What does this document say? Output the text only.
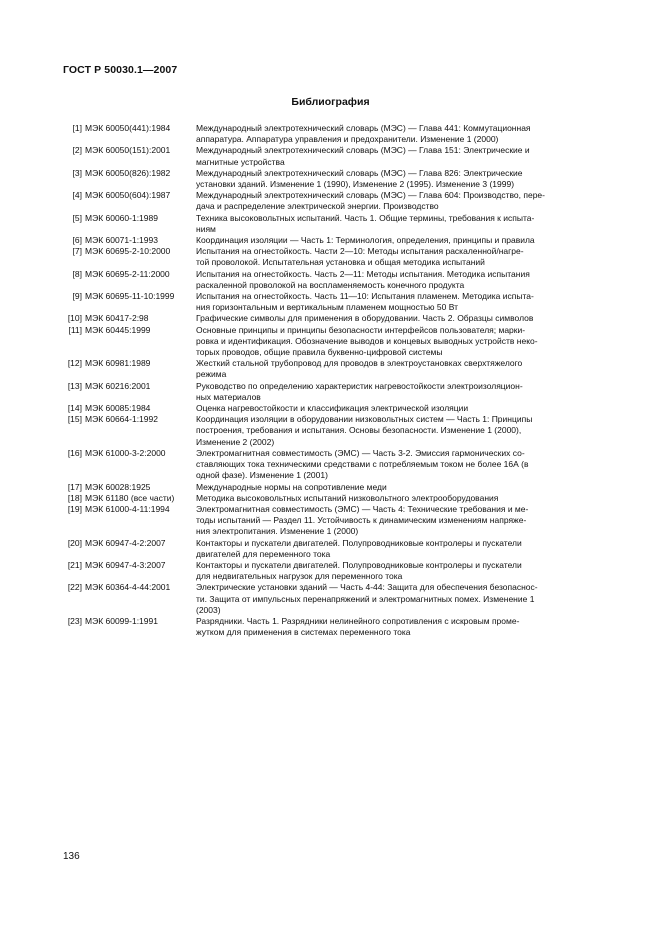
ГОСТ Р 50030.1—2007
Библиография
[1] МЭК 60050(441):1984	Международный электротехнический словарь (МЭС) — Глава 441: Коммутационная
аппаратура. Аппаратура управления и предохранители. Изменение 1 (2000)
[2] МЭК 60050(151):2001	Международный электротехнический словарь (МЭС) — Глава 151: Электрические и
магнитные устройства
[3] МЭК 60050(826):1982	Международный электротехнический словарь (МЭС) — Глава 826: Электрические
установки зданий. Изменение 1 (1990), Изменение 2 (1995). Изменение 3 (1999)
[4] МЭК 60050(604):1987	Международный электротехнический словарь (МЭС) — Глава 604: Производство, пере-
дача и распределение электрической энергии. Производство
[5] МЭК 60060-1:1989	Техника высоковольтных испытаний. Часть 1. Общие термины, требования к испыта-
ниям
[6] МЭК 60071-1:1993	Координация изоляции — Часть 1: Терминология, определения, принципы и правила
[7] МЭК 60695-2-10:2000	Испытания на огнестойкость. Части 2—10: Методы испытания раскаленной/нагре-
той проволокой. Испытательная установка и общая методика испытаний
[8] МЭК 60695-2-11:2000	Испытания на огнестойкость. Часть 2—11: Методы испытания. Методика испытания
раскаленной проволокой на воспламеняемость конечного продукта
[9] МЭК 60695-11-10:1999	Испытания на огнестойкость. Часть 11—10: Испытания пламенем. Методика испыта-
ния горизонтальным и вертикальным пламенем мощностью 50 Вт
[10] МЭК 60417-2:98	Графические символы для применения в оборудовании. Часть 2. Образцы символов
[11] МЭК 60445:1999	Основные принципы и принципы безопасности интерфейсов пользователя; марки-
ровка и идентификация. Обозначение выводов и концевых выводных устройств неко-
торых проводов, общие правила буквенно-цифровой системы
[12] МЭК 60981:1989	Жесткий стальной трубопровод для проводов в электроустановках сверхтяжелого
режима
[13] МЭК 60216:2001	Руководство по определению характеристик нагревостойкости электроизоляцион-
ных материалов
[14] МЭК 60085:1984	Оценка нагревостойкости и классификация электрической изоляции
[15] МЭК 60664-1:1992	Координация изоляции в оборудовании низковольтных систем — Часть 1: Принципы
построения, требования и испытания. Основы безопасности. Изменение 1 (2000),
Изменение 2 (2002)
[16] МЭК 61000-3-2:2000	Электромагнитная совместимость (ЭМС) — Часть 3-2. Эмиссия гармонических со-
ставляющих тока техническими средствами с потребляемым током не более 16А (в
одной фазе). Изменение 1 (2001)
[17] МЭК 60028:1925	Международные нормы на сопротивление меди
[18] МЭК 61180 (все части)	Методика высоковольтных испытаний низковольтного электрооборудования
[19] МЭК 61000-4-11:1994	Электромагнитная совместимость (ЭМС) — Часть 4: Технические требования и ме-
тоды испытаний — Раздел 11. Устойчивость к динамическим изменениям напряже-
ния электропитания. Изменение 1 (2000)
[20] МЭК 60947-4-2:2007	Контакторы и пускатели двигателей. Полупроводниковые контролеры и пускатели
двигателей для переменного тока
[21] МЭК 60947-4-3:2007	Контакторы и пускатели двигателей. Полупроводниковые контролеры и пускатели
для недвигательных нагрузок для переменного тока
[22] МЭК 60364-4-44:2001	Электрические установки зданий — Часть 4-44: Защита для обеспечения безопаснос-
ти. Защита от импульсных перенапряжений и электромагнитных помех. Изменение 1
(2003)
[23] МЭК 60099-1:1991	Разрядники. Часть 1. Разрядники нелинейного сопротивления с искровым проме-
жутком для применения в системах переменного тока
136
